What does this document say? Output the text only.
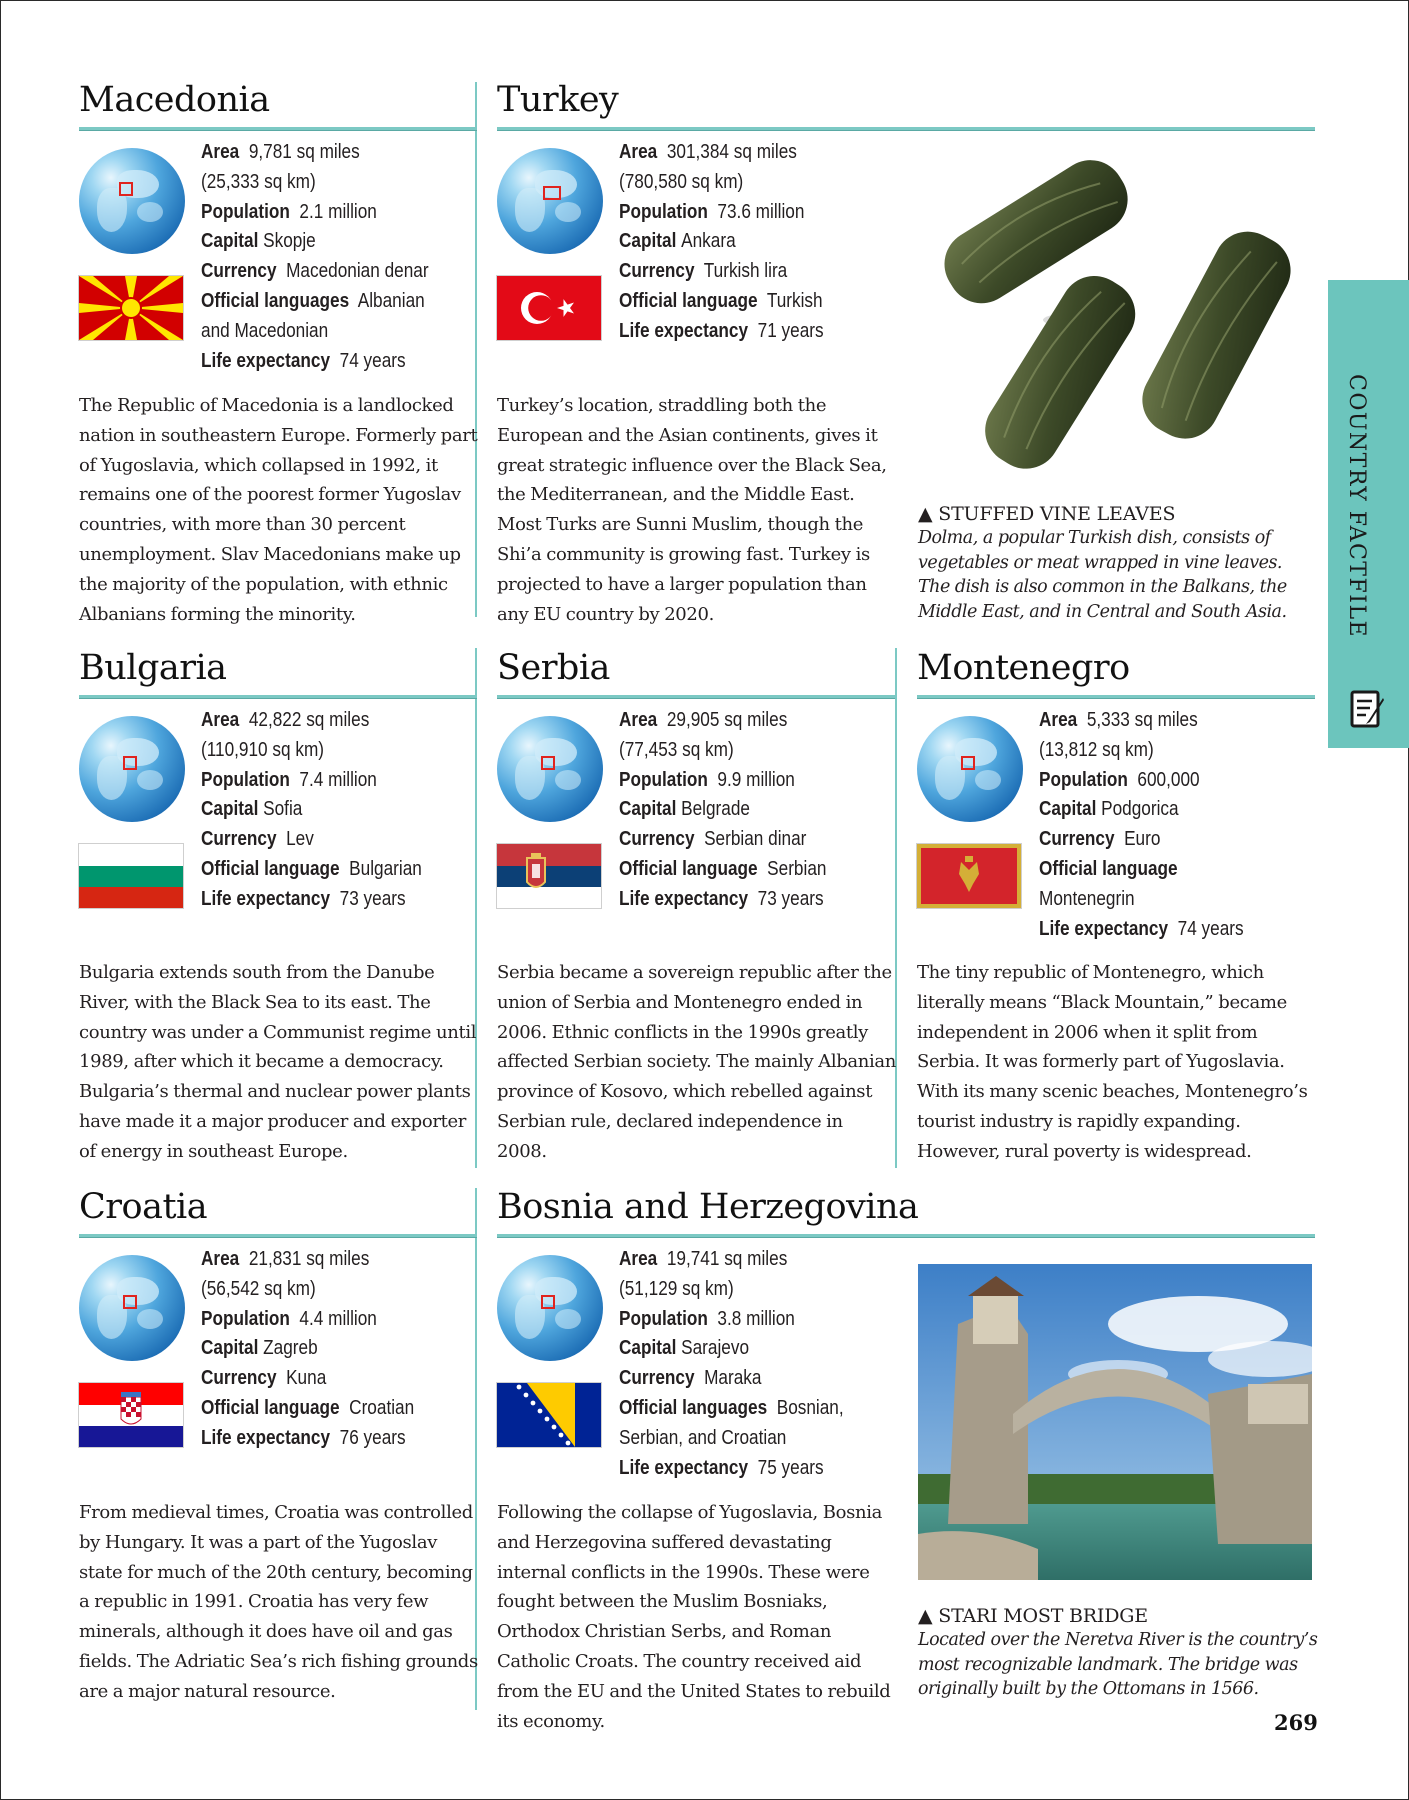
Macedonia
Area 9,781 sq miles
(25,333 sq km)
Population 2.1 million
Capital Skopje
Currency Macedonian denar
Official languages Albanian
and Macedonian
Life expectancy 74 years

The Republic of Macedonia is a landlocked nation in southeastern Europe. Formerly part of Yugoslavia, which collapsed in 1992, it remains one of the poorest former Yugoslav countries, with more than 30 percent unemployment. Slav Macedonians make up the majority of the population, with ethnic Albanians forming the minority.

Turkey
Area 301,384 sq miles
(780,580 sq km)
Population 73.6 million
Capital Ankara
Currency Turkish lira
Official language Turkish
Life expectancy 71 years

Turkey’s location, straddling both the European and the Asian continents, gives it great strategic influence over the Black Sea, the Mediterranean, and the Middle East. Most Turks are Sunni Muslim, though the Shi’a community is growing fast. Turkey is projected to have a larger population than any EU country by 2020.

▲ STUFFED VINE LEAVES
Dolma, a popular Turkish dish, consists of vegetables or meat wrapped in vine leaves. The dish is also common in the Balkans, the Middle East, and in Central and South Asia.	COUNTRY FACTFILE
Bulgaria
Area 42,822 sq miles
(110,910 sq km)
Population 7.4 million
Capital Sofia
Currency Lev
Official language Bulgarian
Life expectancy 73 years

Bulgaria extends south from the Danube River, with the Black Sea to its east. The country was under a Communist regime until 1989, after which it became a democracy. Bulgaria’s thermal and nuclear power plants have made it a major producer and exporter of energy in southeast Europe.

Serbia
Area 29,905 sq miles
(77,453 sq km)
Population 9.9 million
Capital Belgrade
Currency Serbian dinar
Official language Serbian
Life expectancy 73 years

Serbia became a sovereign republic after the union of Serbia and Montenegro ended in 2006. Ethnic conflicts in the 1990s greatly affected Serbian society. The mainly Albanian province of Kosovo, which rebelled against Serbian rule, declared independence in 2008.

Montenegro
Area 5,333 sq miles
(13,812 sq km)
Population 600,000
Capital Podgorica
Currency Euro
Official language
Montenegrin
Life expectancy 74 years

The tiny republic of Montenegro, which literally means “Black Mountain,” became independent in 2006 when it split from Serbia. It was formerly part of Yugoslavia. With its many scenic beaches, Montenegro’s tourist industry is rapidly expanding. However, rural poverty is widespread.

Croatia
Area 21,831 sq miles
(56,542 sq km)
Population 4.4 million
Capital Zagreb
Currency Kuna
Official language Croatian
Life expectancy 76 years

From medieval times, Croatia was controlled by Hungary. It was a part of the Yugoslav state for much of the 20th century, becoming a republic in 1991. Croatia has very few minerals, although it does have oil and gas fields. The Adriatic Sea’s rich fishing grounds are a major natural resource.

Bosnia and Herzegovina
Area 19,741 sq miles
(51,129 sq km)
Population 3.8 million
Capital Sarajevo
Currency Maraka
Official languages Bosnian,
Serbian, and Croatian
Life expectancy 75 years

Following the collapse of Yugoslavia, Bosnia and Herzegovina suffered devastating internal conflicts in the 1990s. These were fought between the Muslim Bosniaks, Orthodox Christian Serbs, and Roman Catholic Croats. The country received aid from the EU and the United States to rebuild its economy.

▲ STARI MOST BRIDGE
Located over the Neretva River is the country’s most recognizable landmark. The bridge was originally built by the Ottomans in 1566.
269
